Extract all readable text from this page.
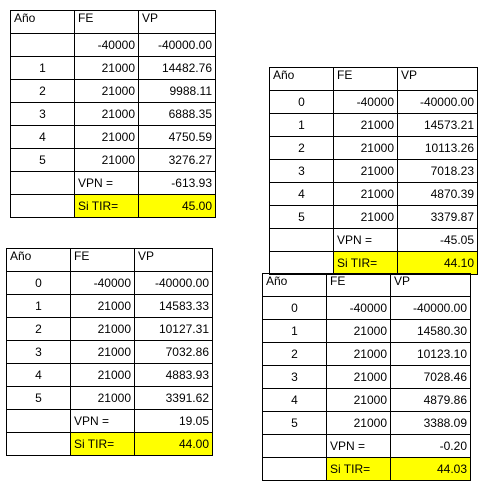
Año	FE	VP
	-40000	-40000.00
1	21000	14482.76
2	21000	9988.11
3	21000	6888.35
4	21000	4750.59
5	21000	3276.27
	VPN =	-613.93
	Si TIR=	45.00
Año	FE	VP
0	-40000	-40000.00
1	21000	14573.21
2	21000	10113.26
3	21000	7018.23
4	21000	4870.39
5	21000	3379.87
	VPN =	-45.05
	Si TIR=	44.10
Año	FE	VP
0	-40000	-40000.00
1	21000	14583.33
2	21000	10127.31
3	21000	7032.86
4	21000	4883.93
5	21000	3391.62
	VPN =	19.05
	Si TIR=	44.00
Año	FE	VP
0	-40000	-40000.00
1	21000	14580.30
2	21000	10123.10
3	21000	7028.46
4	21000	4879.86
5	21000	3388.09
	VPN =	-0.20
	Si TIR=	44.03
